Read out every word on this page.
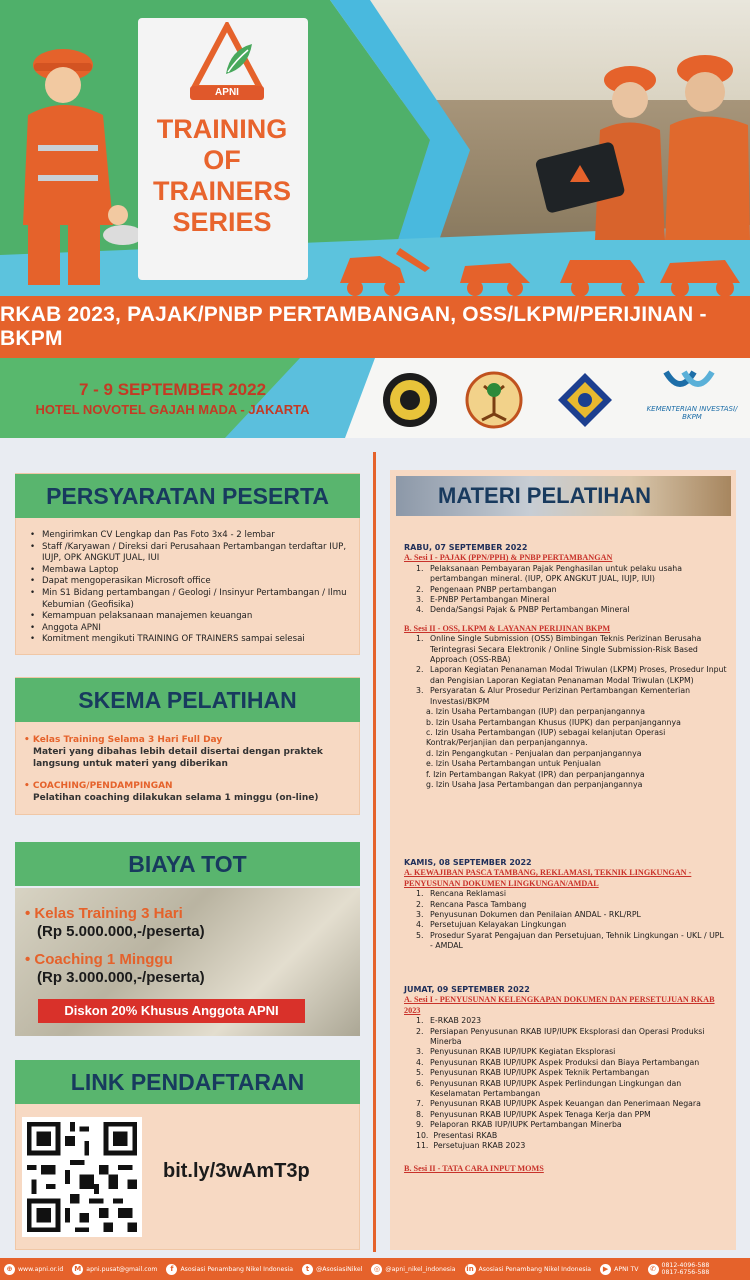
APNI
TRAINING
OF
TRAINERS
SERIES
RKAB 2023, PAJAK/PNBP PERTAMBANGAN, OSS/LKPM/PERIJINAN - BKPM
7 - 9 SEPTEMBER 2022
HOTEL NOVOTEL GAJAH MADA - JAKARTA	KEMENTERIAN INVESTASI/
BKPM
PERSYARATAN PESERTA
• Mengirimkan CV Lengkap dan Pas Foto 3x4 - 2 lembar
• Staff /Karyawan / Direksi dari Perusahaan Pertambangan terdaftar IUP, IUJP, OPK ANGKUT JUAL, IUI
• Membawa Laptop
• Dapat mengoperasikan Microsoft office
• Min S1 Bidang pertambangan / Geologi / Insinyur Pertambangan / Ilmu Kebumian (Geofisika)
• Kemampuan pelaksanaan manajemen keuangan
• Anggota APNI
• Komitment mengikuti TRAINING OF TRAINERS sampai selesai
SKEMA PELATIHAN
• Kelas Training Selama 3 Hari Full Day
Materi yang dibahas lebih detail disertai dengan praktek langsung untuk materi yang diberikan
• COACHING/PENDAMPINGAN
Pelatihan coaching dilakukan selama 1 minggu (on-line)
BIAYA TOT
• Kelas Training 3 Hari
(Rp 5.000.000,-/peserta)
• Coaching 1 Minggu
(Rp 3.000.000,-/peserta)
Diskon 20% Khusus Anggota APNI
LINK PENDAFTARAN
bit.ly/3wAmT3p
MATERI PELATIHAN
RABU, 07 SEPTEMBER 2022
A. Sesi I - PAJAK (PPN/PPH) & PNBP PERTAMBANGAN
1. Pelaksanaan Pembayaran Pajak Penghasilan untuk pelaku usaha pertambangan mineral. (IUP, OPK ANGKUT JUAL, IUJP, IUI)
2. Pengenaan PNBP pertambangan
3. E-PNBP Pertambangan Mineral
4. Denda/Sangsi Pajak & PNBP Pertambangan Mineral
B. Sesi II - OSS, LKPM & LAYANAN PERIJINAN BKPM
1. Online Single Submission (OSS) Bimbingan Teknis Perizinan Berusaha Terintegrasi Secara Elektronik / Online Single Submission-Risk Based Approach (OSS-RBA)
2. Laporan Kegiatan Penanaman Modal Triwulan (LKPM) Proses, Prosedur Input dan Pengisian Laporan Kegiatan Penanaman Modal Triwulan (LKPM)
3. Persyaratan & Alur Prosedur Perizinan Pertambangan Kementerian Investasi/BKPM
a. Izin Usaha Pertambangan (IUP) dan perpanjangannya
b. Izin Usaha Pertambangan Khusus (IUPK) dan perpanjangannya
c. Izin Usaha Pertambangan (IUP) sebagai kelanjutan Operasi Kontrak/Perjanjian dan perpanjangannya.
d. Izin Pengangkutan - Penjualan dan perpanjangannya
e. Izin Usaha Pertambangan untuk Penjualan
f. Izin Pertambangan Rakyat (IPR) dan perpanjangannya
g. Izin Usaha Jasa Pertambangan dan perpanjangannya
KAMIS, 08 SEPTEMBER 2022
A. KEWAJIBAN PASCA TAMBANG, REKLAMASI, TEKNIK LINGKUNGAN - PENYUSUNAN DOKUMEN LINGKUNGAN/AMDAL
1. Rencana Reklamasi
2. Rencana Pasca Tambang
3. Penyusunan Dokumen dan Penilaian ANDAL - RKL/RPL
4. Persetujuan Kelayakan Lingkungan
5. Prosedur Syarat Pengajuan dan Persetujuan, Tehnik Lingkungan - UKL / UPL - AMDAL
JUMAT, 09 SEPTEMBER 2022
A. Sesi I - PENYUSUNAN KELENGKAPAN DOKUMEN DAN PERSETUJUAN RKAB 2023
1. E-RKAB 2023
2. Persiapan Penyusunan RKAB IUP/IUPK Eksplorasi dan Operasi Produksi Minerba
3. Penyusunan RKAB IUP/IUPK Kegiatan Eksplorasi
4. Penyusunan RKAB IUP/IUPK Aspek Produksi dan Biaya Pertambangan
5. Penyusunan RKAB IUP/IUPK Aspek Teknik Pertambangan
6. Penyusunan RKAB IUP/IUPK Aspek Perlindungan Lingkungan dan Keselamatan Pertambangan
7. Penyusunan RKAB IUP/IUPK Aspek Keuangan dan Penerimaan Negara
8. Penyusunan RKAB IUP/IUPK Aspek Tenaga Kerja dan PPM
9. Pelaporan RKAB IUP/IUPK Pertambangan Minerba
10. Presentasi RKAB
11. Persetujuan RKAB 2023
B. Sesi II - TATA CARA INPUT MOMS
⊕ www.apni.or.id M apni.pusat@gmail.com	f	Asosiasi Penambang Nikel Indonesia	t	@AsosiasiNikel	◎ @apni_nikel_indonesia in Asosiasi Penambang Nikel Indonesia	▶ APNI TV	✆ 0812-4096-588
0817-6756-588
